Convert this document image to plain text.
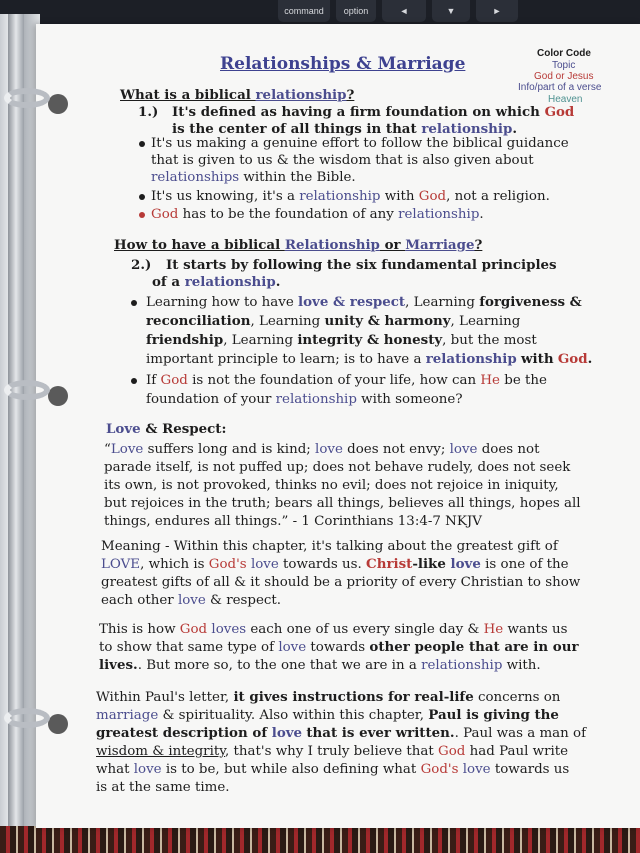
command	option	◄	▼	►
Relationships & Marriage
Color Code
Topic
God or Jesus
Info/part of a verse
Heaven
What is a biblical relationship?
1.) It's defined as having a firm foundation on which God
is the center of all things in that relationship.
It's us making a genuine effort to follow the biblical guidance
that is given to us & the wisdom that is also given about
relationships within the Bible.
It's us knowing, it's a relationship with God, not a religion.
God has to be the foundation of any relationship.
How to have a biblical Relationship or Marriage?
2.) It starts by following the six fundamental principles
of a relationship.
Learning how to have love & respect, Learning forgiveness &
reconciliation, Learning unity & harmony, Learning
friendship, Learning integrity & honesty, but the most
important principle to learn; is to have a relationship with God.
If God is not the foundation of your life, how can He be the
foundation of your relationship with someone?
Love & Respect:
“Love suffers long and is kind; love does not envy; love does not
parade itself, is not puffed up; does not behave rudely, does not seek
its own, is not provoked, thinks no evil; does not rejoice in iniquity,
but rejoices in the truth; bears all things, believes all things, hopes all
things, endures all things.” - 1 Corinthians 13:4-7 NKJV
Meaning - Within this chapter, it's talking about the greatest gift of
LOVE, which is God's love towards us. Christ-like love is one of the
greatest gifts of all & it should be a priority of every Christian to show
each other love & respect.
This is how God loves each one of us every single day & He wants us
to show that same type of love towards other people that are in our
lives.. But more so, to the one that we are in a relationship with.
Within Paul's letter, it gives instructions for real-life concerns on
marriage & spirituality. Also within this chapter, Paul is giving the
greatest description of love that is ever written.. Paul was a man of
wisdom & integrity, that's why I truly believe that God had Paul write
what love is to be, but while also defining what God's love towards us
is at the same time.
